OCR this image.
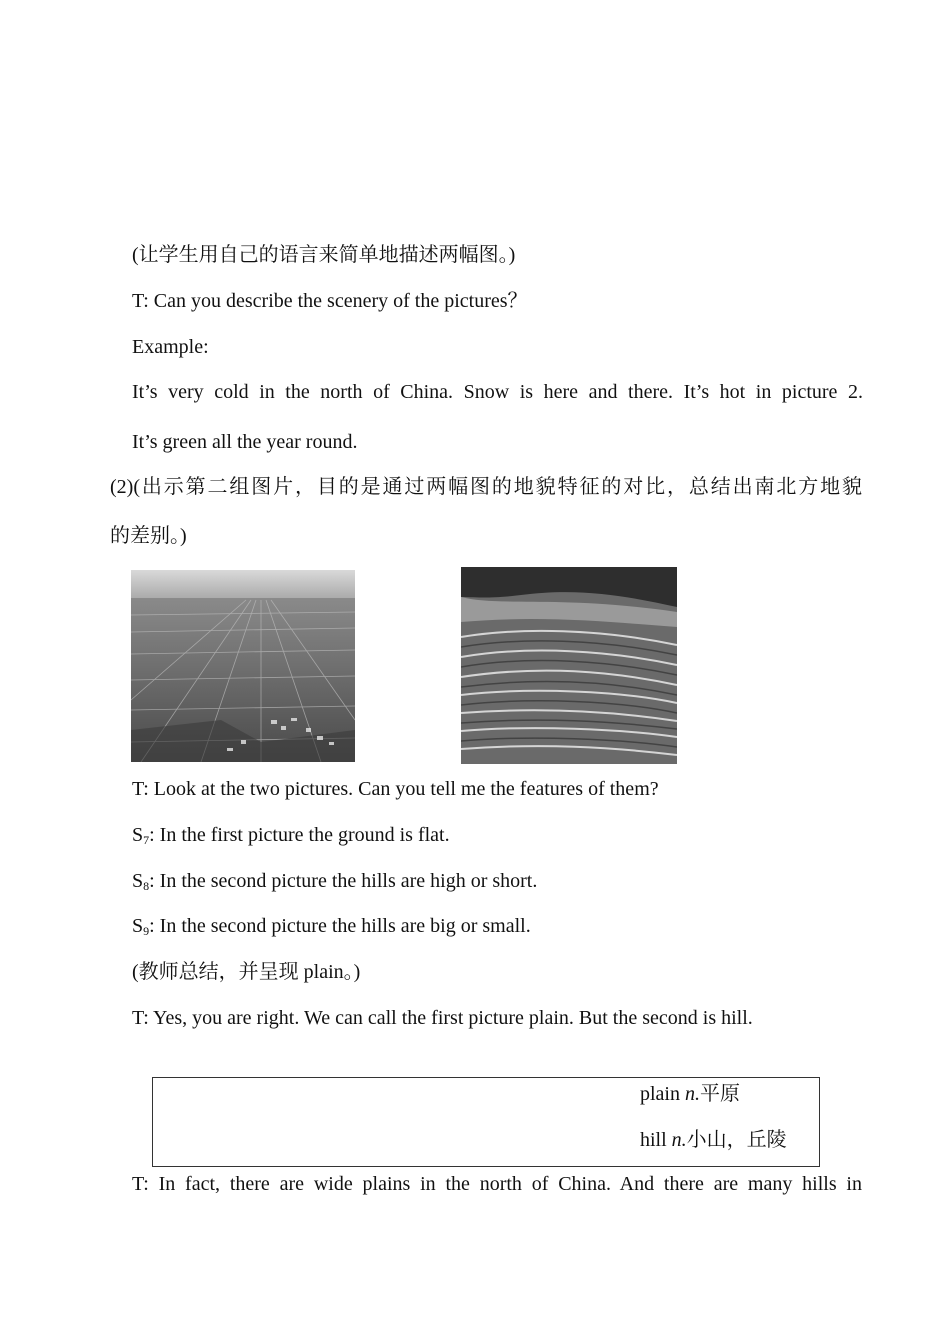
(让学生用自己的语言来简单地描述两幅图。)
T: Can you describe the scenery of the pictures？
Example:
It’s very cold in the north of China. Snow is here and there. It’s hot in picture 2.
It’s green all the year round.
(2)(出示第二组图片，目的是通过两幅图的地貌特征的对比，总结出南北方地貌
的差别。)
T: Look at the two pictures. Can you tell me the features of them?
$S_7$: In the first picture the ground is flat.
$S_8$: In the second picture the hills are high or short.
$S_9$: In the second picture the hills are big or small.
(教师总结，并呈现 plain。)
T: Yes, you are right. We can call the first picture plain. But the second is hill.
plain n.平原
hill n.小山，丘陵
T: In fact, there are wide plains in the north of China. And there are many hills in
